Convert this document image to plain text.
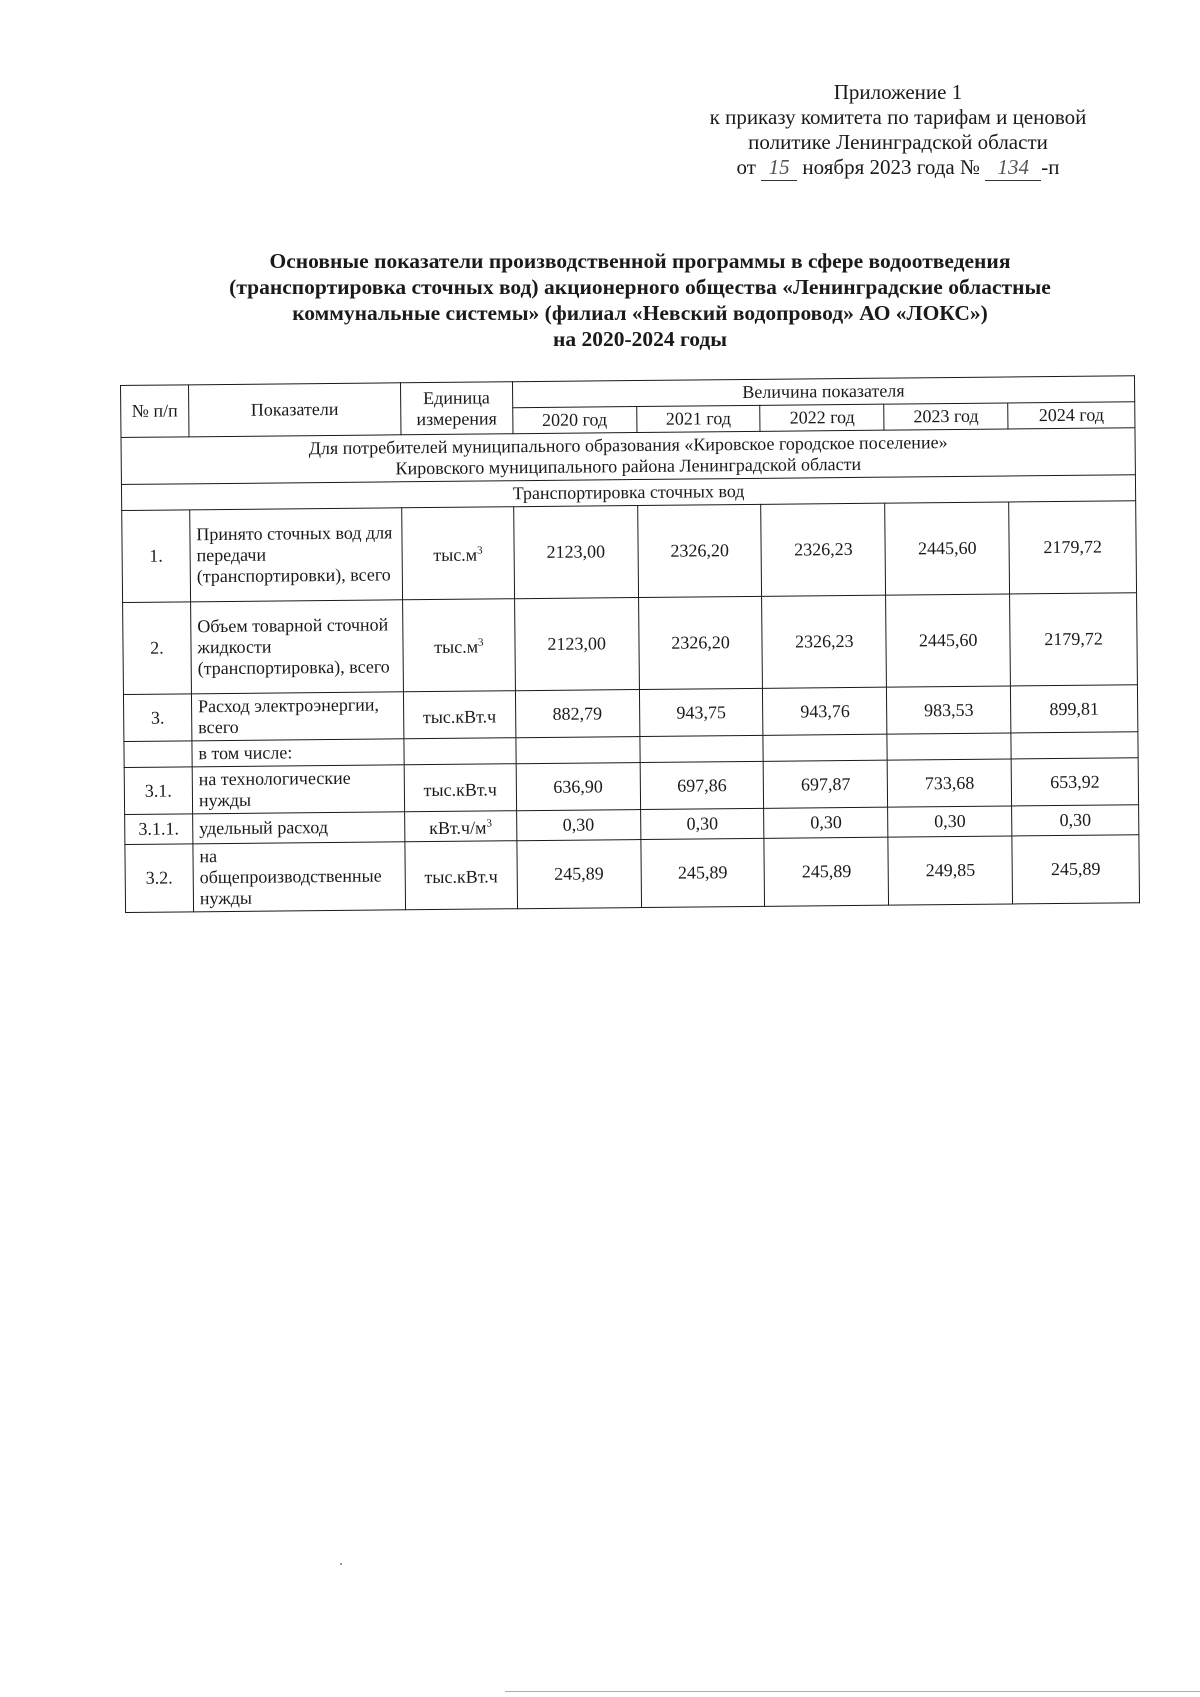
Приложение 1
к приказу комитета по тарифам и ценовой
политике Ленинградской области
от 15 ноября 2023 года № 134 -п
Основные показатели производственной программы в сфере водоотведения
(транспортировка сточных вод) акционерного общества «Ленинградские областные
коммунальные системы» (филиал «Невский водопровод» АО «ЛОКС»)
на 2020-2024 годы
№ п/п	Показатели	Единица измерения	Величина показателя				
			2020 год	2021 год	2022 год	2023 год	2024 год

Для потребителей муниципального образования «Кировское городское поселение»
Кировского муниципального района Ленинградской области							

Транспортировка сточных вод							
1.	Принято сточных вод для передачи (транспортировки), всего	$тыс.м^3$	2123,00	2326,20	2326,23	2445,60	2179,72
2.	Объем товарной сточной жидкости (транспортировка), всего	$тыс.м^3$	2123,00	2326,20	2326,23	2445,60	2179,72
3.	Расход электроэнергии, всего	тыс.кВт.ч	882,79	943,75	943,76	983,53	899,81
	в том числе:						
3.1.	на технологические нужды	тыс.кВт.ч	636,90	697,86	697,87	733,68	653,92
3.1.1.	удельный расход	$кВт.ч/м^3$	0,30	0,30	0,30	0,30	0,30
3.2.	на общепроизводственные нужды	тыс.кВт.ч	245,89	245,89	245,89	249,85	245,89
